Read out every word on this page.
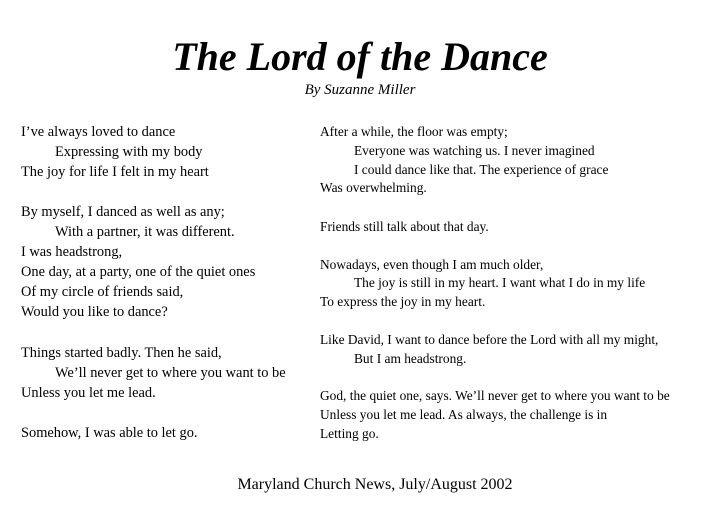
The Lord of the Dance
By Suzanne Miller
I’ve always loved to dance
Expressing with my body
The joy for life I felt in my heart
By myself, I danced as well as any;
With a partner, it was different.
I was headstrong,
One day, at a party, one of the quiet ones
Of my circle of friends said,
Would you like to dance?
Things started badly. Then he said,
We’ll never get to where you want to be
Unless you let me lead.
Somehow, I was able to let go.
After a while, the floor was empty;
Everyone was watching us. I never imagined
I could dance like that. The experience of grace
Was overwhelming.
Friends still talk about that day.
Nowadays, even though I am much older,
The joy is still in my heart. I want what I do in my life
To express the joy in my heart.
Like David, I want to dance before the Lord with all my might,
But I am headstrong.
God, the quiet one, says. We’ll never get to where you want to be
Unless you let me lead. As always, the challenge is in
Letting go.
Maryland Church News, July/August 2002
